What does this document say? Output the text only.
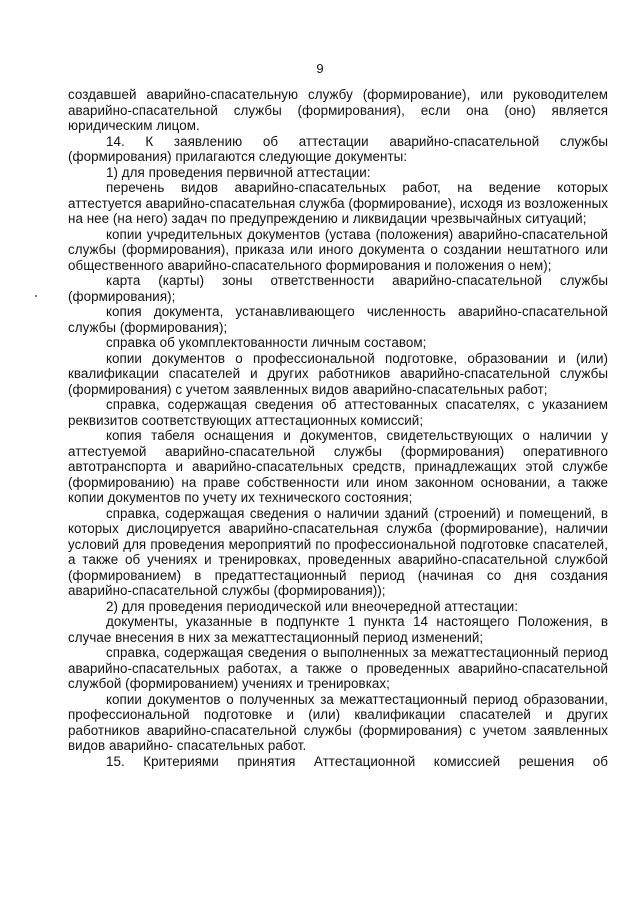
9

создавшей аварийно-спасательную службу (формирование), или руководителем аварийно-спасательной службы (формирования), если она (оно) является юридическим лицом.

14. К заявлению об аттестации аварийно-спасательной службы (формирования) прилагаются следующие документы:

1) для проведения первичной аттестации:

перечень видов аварийно-спасательных работ, на ведение которых аттестуется аварийно-спасательная служба (формирование), исходя из возложенных на нее (на него) задач по предупреждению и ликвидации чрезвычайных ситуаций;

копии учредительных документов (устава (положения) аварийно-спасательной службы (формирования), приказа или иного документа о создании нештатного или общественного аварийно-спасательного формирования и положения о нем);

карта (карты) зоны ответственности аварийно-спасательной службы (формирования);

копия документа, устанавливающего численность аварийно-спасательной службы (формирования);

справка об укомплектованности личным составом;

копии документов о профессиональной подготовке, образовании и (или) квалификации спасателей и других работников аварийно-спасательной службы (формирования) с учетом заявленных видов аварийно-спасательных работ;

справка, содержащая сведения об аттестованных спасателях, с указанием реквизитов соответствующих аттестационных комиссий;

копия табеля оснащения и документов, свидетельствующих о наличии у аттестуемой аварийно-спасательной службы (формирования) оперативного автотранспорта и аварийно-спасательных средств, принадлежащих этой службе (формированию) на праве собственности или ином законном основании, а также копии документов по учету их технического состояния;

справка, содержащая сведения о наличии зданий (строений) и помещений, в которых дислоцируется аварийно-спасательная служба (формирование), наличии условий для проведения мероприятий по профессиональной подготовке спасателей, а также об учениях и тренировках, проведенных аварийно-спасательной службой (формированием) в предаттестационный период (начиная со дня создания аварийно-спасательной службы (формирования));

2) для проведения периодической или внеочередной аттестации:

документы, указанные в подпункте 1 пункта 14 настоящего Положения, в случае внесения в них за межаттестационный период изменений;

справка, содержащая сведения о выполненных за межаттестационный период аварийно-спасательных работах, а также о проведенных аварийно-спасательной службой (формированием) учениях и тренировках;

копии документов о полученных за межаттестационный период образовании, профессиональной подготовке и (или) квалификации спасателей и других работников аварийно-спасательной службы (формирования) с учетом заявленных видов аварийно- спасательных работ.

15. Критериями принятия Аттестационной комиссией решения об
